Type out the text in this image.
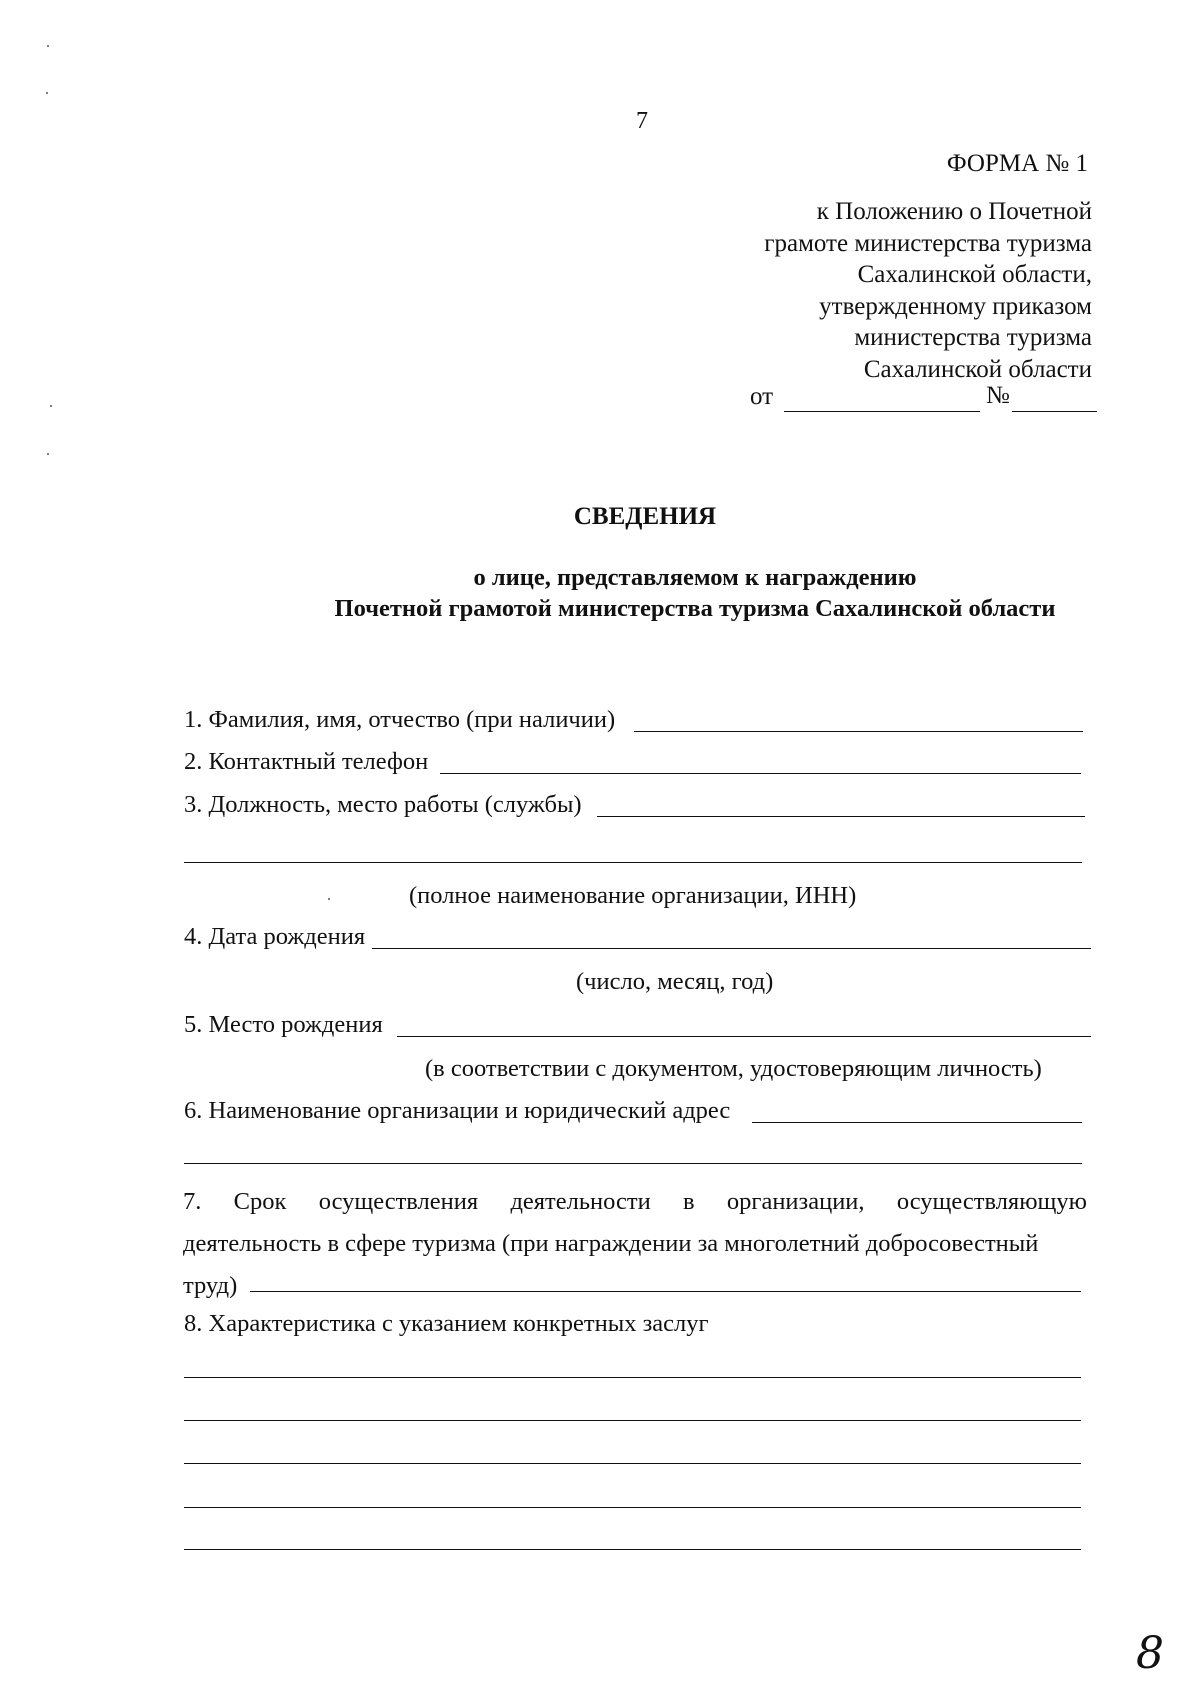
7
ФОРМА № 1
к Положению о Почетной
грамоте министерства туризма
Сахалинской области,
утвержденному приказом
министерства туризма
Сахалинской области
от	№
СВЕДЕНИЯ
о лице, представляемом к награждению
Почетной грамотой министерства туризма Сахалинской области
1. Фамилия, имя, отчество (при наличии)
2. Контактный телефон
3. Должность, место работы (службы)
(полное наименование организации, ИНН)
4. Дата рождения
(число, месяц, год)
5. Место рождения
(в соответствии с документом, удостоверяющим личность)
6. Наименование организации и юридический адрес
7. Срок осуществления деятельности в организации, осуществляющую
деятельность в сфере туризма (при награждении за многолетний добросовестный
труд)
8. Характеристика с указанием конкретных заслуг
8
